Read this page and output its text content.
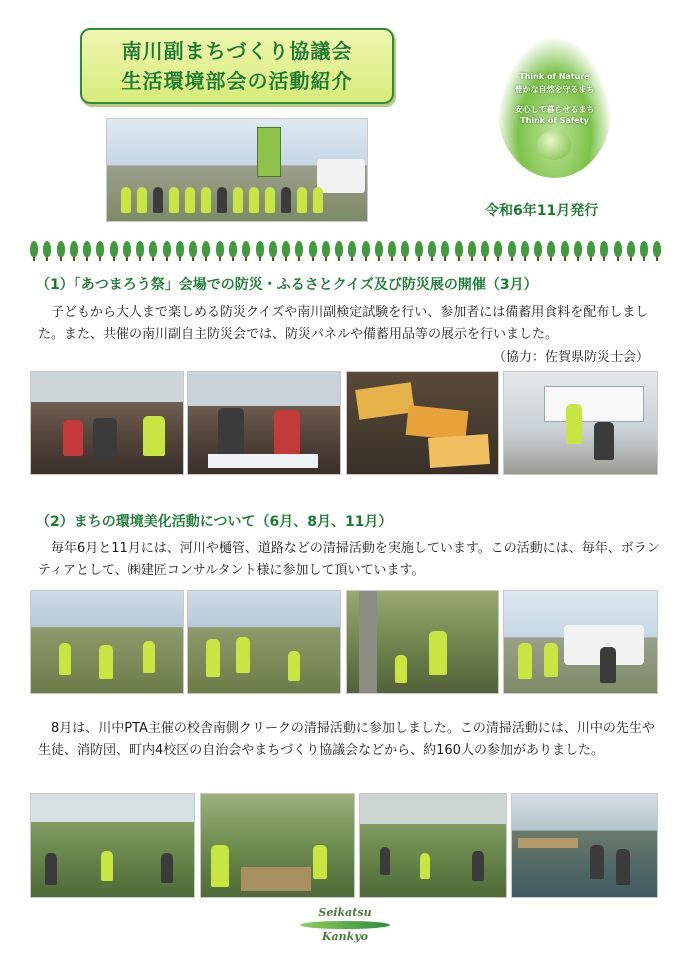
南川副まちづくり協議会
生活環境部会の活動紹介	Think of Nature
豊かな自然を守るまち
安心して暮らせるまち
Think of Safety
令和6年11月発行
（1）「あつまろう祭」会場での防災・ふるさとクイズ及び防災展の開催（3月）
子どもから大人まで楽しめる防災クイズや南川副検定試験を行い、参加者には備蓄用食料を配布しました。また、共催の南川副自主防災会では、防災パネルや備蓄用品等の展示を行いました。
（協力：佐賀県防災士会）
（2）まちの環境美化活動について（6月、8月、11月）
毎年6月と11月には、河川や樋管、道路などの清掃活動を実施しています。この活動には、毎年、ボランティアとして、㈱建匠コンサルタント様に参加して頂いています。
8月は、川中PTA主催の校舎南側クリークの清掃活動に参加しました。この清掃活動には、川中の先生や生徒、消防団、町内4校区の自治会やまちづくり協議会などから、約160人の参加がありました。
Seikatsu
Kankyo
